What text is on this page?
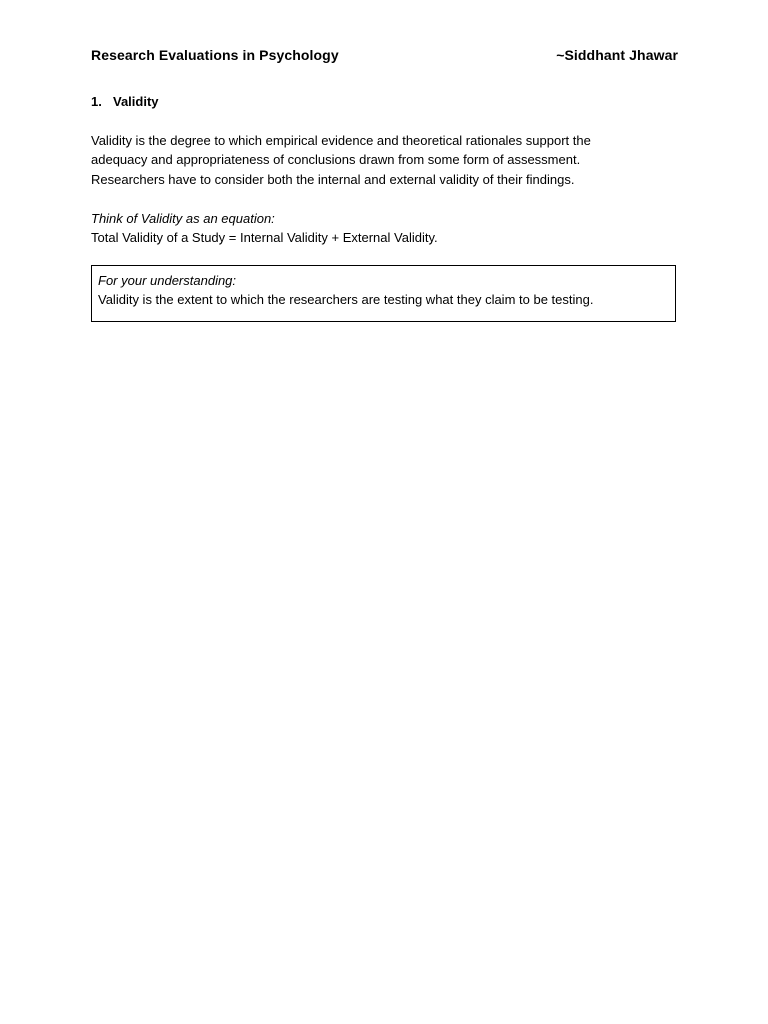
Research Evaluations in Psychology	~Siddhant Jhawar
1. Validity

Validity is the degree to which empirical evidence and theoretical rationales support the

adequacy and appropriateness of conclusions drawn from some form of assessment.

Researchers have to consider both the internal and external validity of their findings.

Think of Validity as an equation:

Total Validity of a Study = Internal Validity + External Validity.

For your understanding:

Validity is the extent to which the researchers are testing what they claim to be testing.
